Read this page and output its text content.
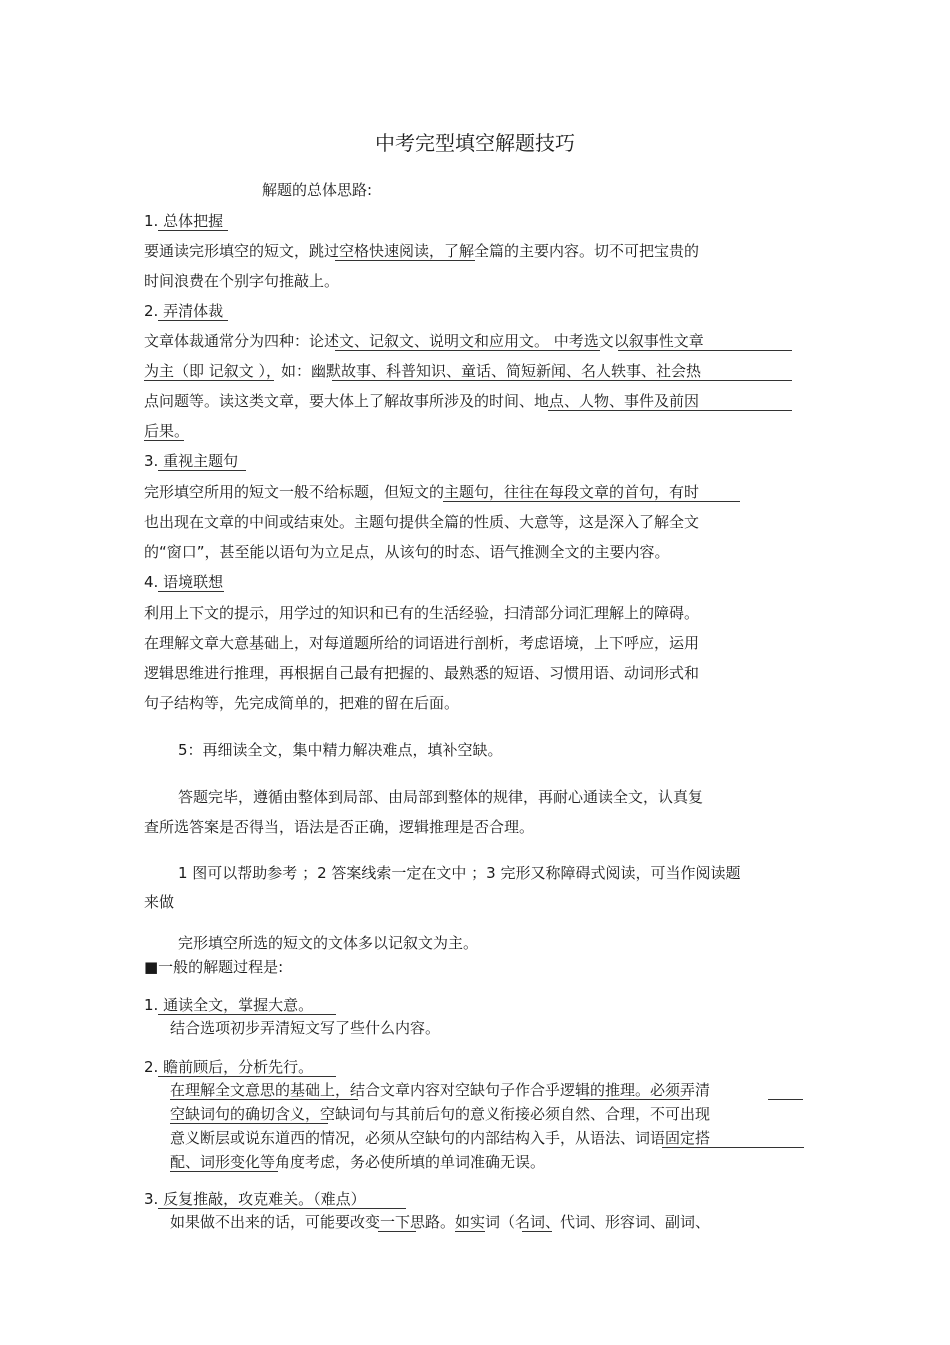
中考完型填空解题技巧
解题的总体思路:
1. 总体把握
要通读完形填空的短文，跳过空格快速阅读，了解全篇的主要内容。切不可把宝贵的
时间浪费在个别字句推敲上。
2. 弄清体裁
文章体裁通常分为四种：论述文、记叙文、说明文和应用文。 中考选文以叙事性文章
为主（即 记叙文 ），如：幽默故事、科普知识、童话、简短新闻、名人轶事、社会热
点问题等。读这类文章，要大体上了解故事所涉及的时间、地点、人物、事件及前因
后果。
3. 重视主题句
完形填空所用的短文一般不给标题，但短文的主题句，往往在每段文章的首句，有时
也出现在文章的中间或结束处。主题句提供全篇的性质、大意等，这是深入了解全文
的“窗口”，甚至能以语句为立足点，从该句的时态、语气推测全文的主要内容。
4. 语境联想
利用上下文的提示，用学过的知识和已有的生活经验，扫清部分词汇理解上的障碍。
在理解文章大意基础上，对每道题所给的词语进行剖析，考虑语境，上下呼应，运用
逻辑思维进行推理，再根据自己最有把握的、最熟悉的短语、习惯用语、动词形式和
句子结构等，先完成简单的，把难的留在后面。
5：再细读全文，集中精力解决难点，填补空缺。
答题完毕，遵循由整体到局部、由局部到整体的规律，再耐心通读全文，认真复
查所选答案是否得当，语法是否正确，逻辑推理是否合理。
1 图可以帮助参考 ；2 答案线索一定在文中 ；3 完形又称障碍式阅读，可当作阅读题
来做
完形填空所选的短文的文体多以记叙文为主。
■一般的解题过程是:
1. 通读全文，掌握大意。
结合选项初步弄清短文写了些什么内容。
2. 瞻前顾后，分析先行。
在理解全文意思的基础上，结合文章内容对空缺句子作合乎逻辑的推理。必须弄清
空缺词句的确切含义，空缺词句与其前后句的意义衔接必须自然、合理，不可出现
意义断层或说东道西的情况，必须从空缺句的内部结构入手，从语法、词语固定搭
配、词形变化等角度考虑，务必使所填的单词准确无误。
3. 反复推敲，攻克难关。（难点）
如果做不出来的话，可能要改变一下思路。如实词（名词、代词、形容词、副词、
